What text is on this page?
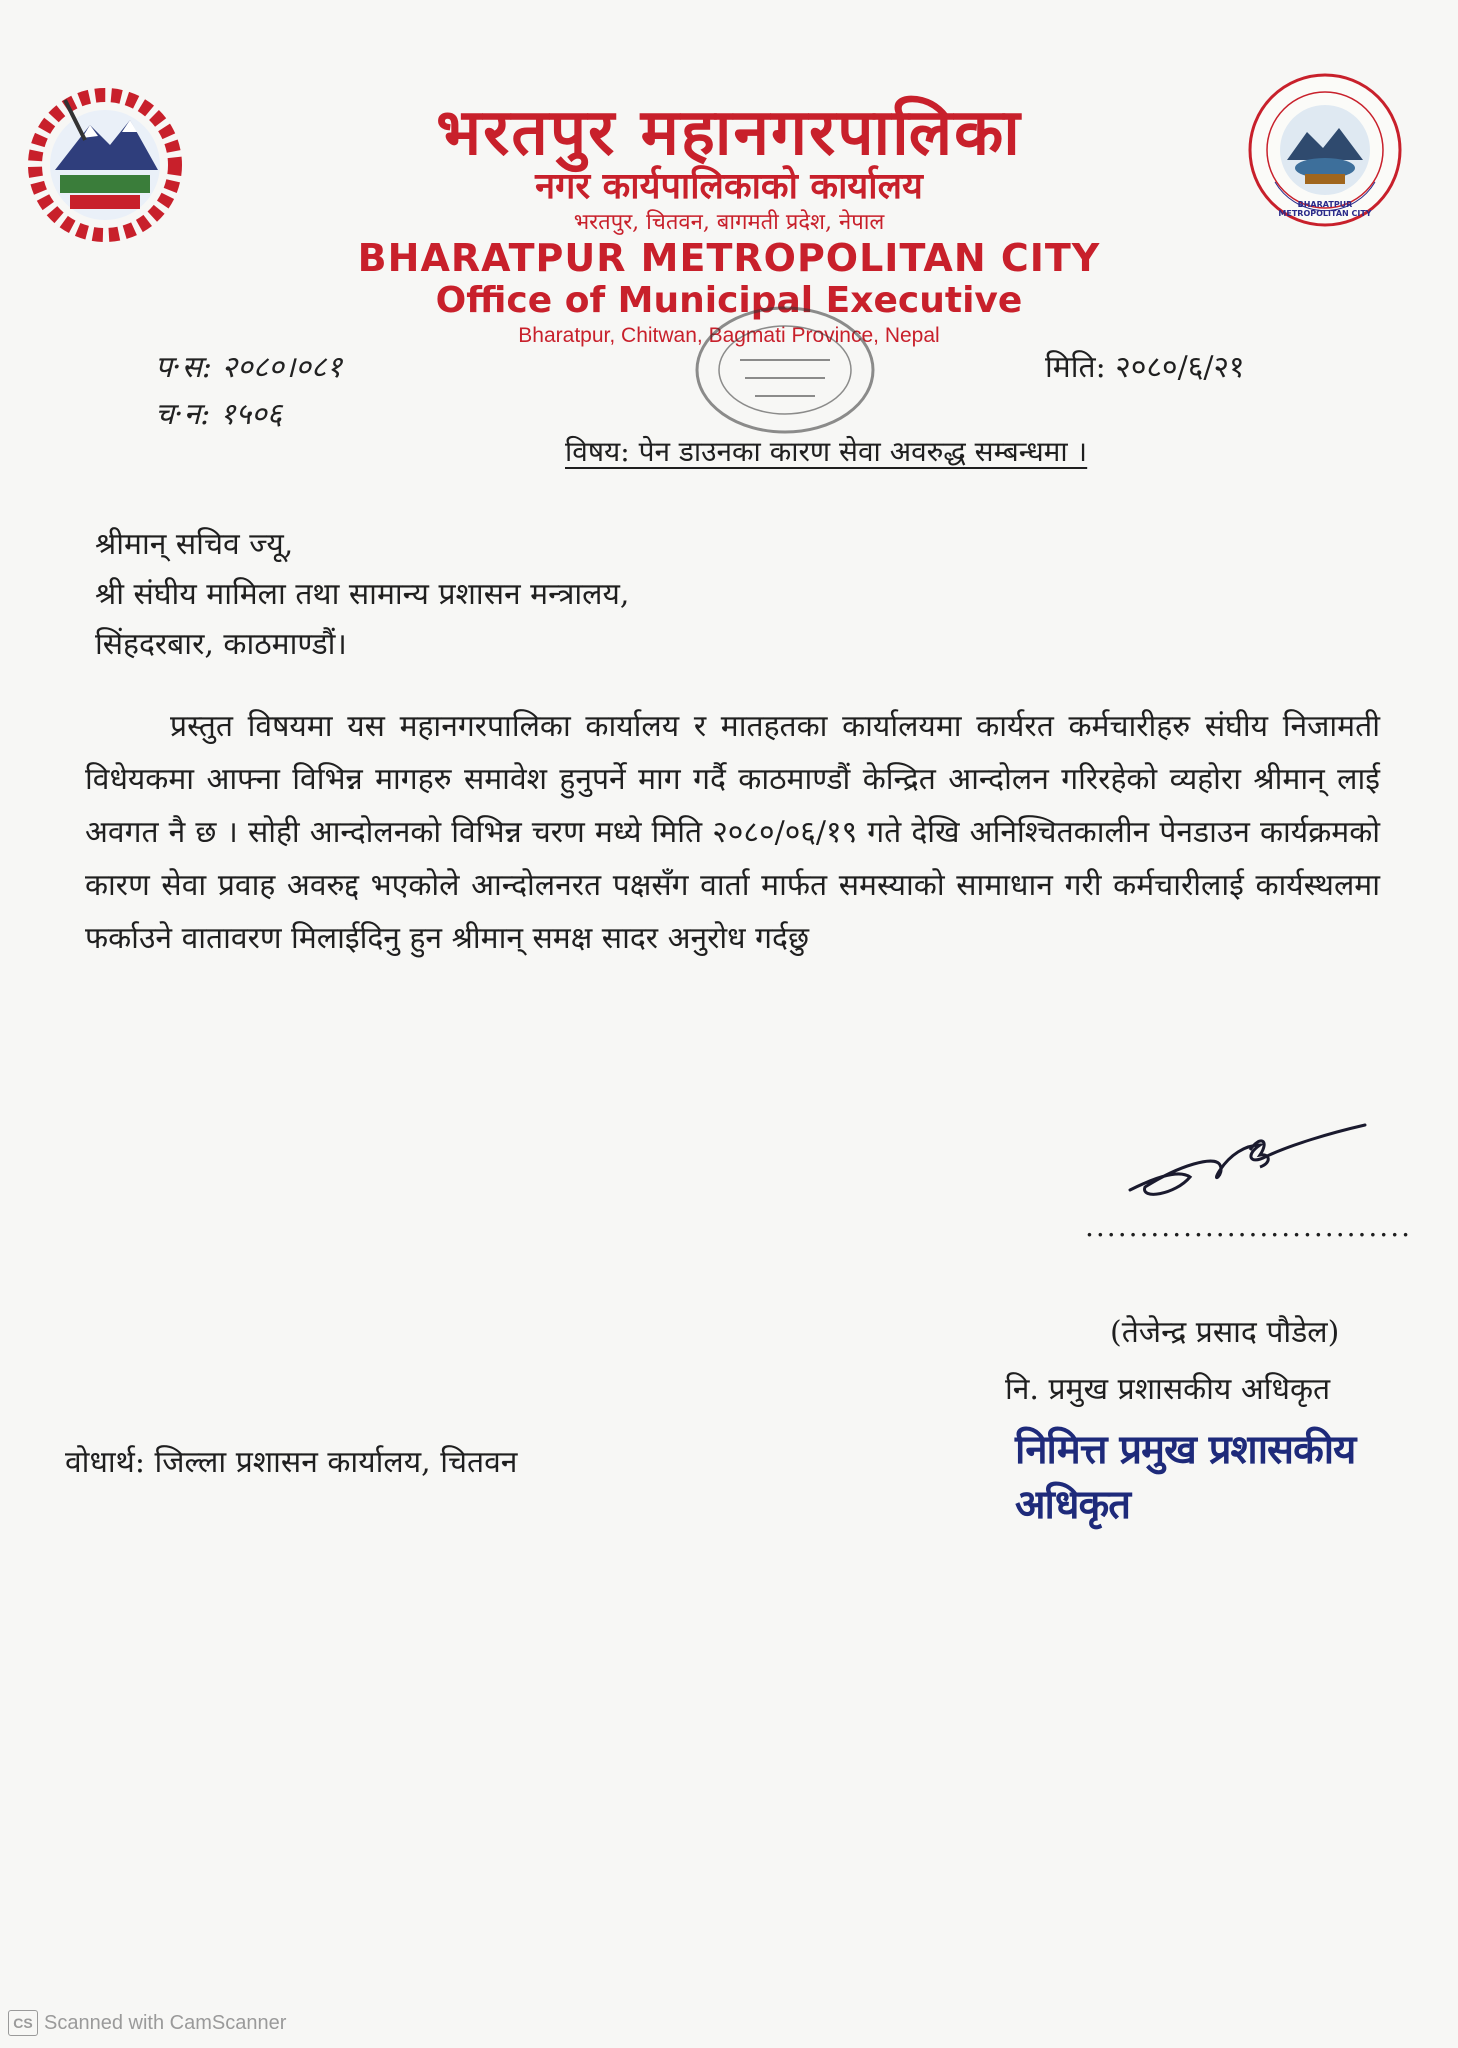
BHARATPUR METROPOLITAN CITY
भरतपुर महानगरपालिका
नगर कार्यपालिकाको कार्यालय
भरतपुर, चितवन, बागमती प्रदेश, नेपाल
BHARATPUR METROPOLITAN CITY
Office of Municipal Executive
Bharatpur, Chitwan, Bagmati Province, Nepal
प·स: २०८०।०८१
च·न: १५०६
मिति: २०८०/६/२१
विषय: पेन डाउनका कारण सेवा अवरुद्ध सम्बन्धमा ।
श्रीमान् सचिव ज्यू,
श्री संघीय मामिला तथा सामान्य प्रशासन मन्त्रालय,
सिंहदरबार, काठमाण्डौं।
प्रस्तुत विषयमा यस महानगरपालिका कार्यालय र मातहतका कार्यालयमा कार्यरत कर्मचारीहरु संघीय निजामती विधेयकमा आफ्ना विभिन्न मागहरु समावेश हुनुपर्ने माग गर्दै काठमाण्डौं केन्द्रित आन्दोलन गरिरहेको व्यहोरा श्रीमान् लाई अवगत नै छ । सोही आन्दोलनको विभिन्न चरण मध्ये मिति २०८०/०६/१९ गते देखि अनिश्चितकालीन पेनडाउन कार्यक्रमको कारण सेवा प्रवाह अवरुद्द भएकोले आन्दोलनरत पक्षसँग वार्ता मार्फत समस्याको सामाधान गरी कर्मचारीलाई कार्यस्थलमा फर्काउने वातावरण मिलाईदिनु हुन श्रीमान् समक्ष सादर अनुरोध गर्दछु
..............................
(तेजेन्द्र प्रसाद पौडेल)
नि. प्रमुख प्रशासकीय अधिकृत
निमित्त प्रमुख प्रशासकीय अधिकृत
वोधार्थ: जिल्ला प्रशासन कार्यालय, चितवन
CS Scanned with CamScanner
